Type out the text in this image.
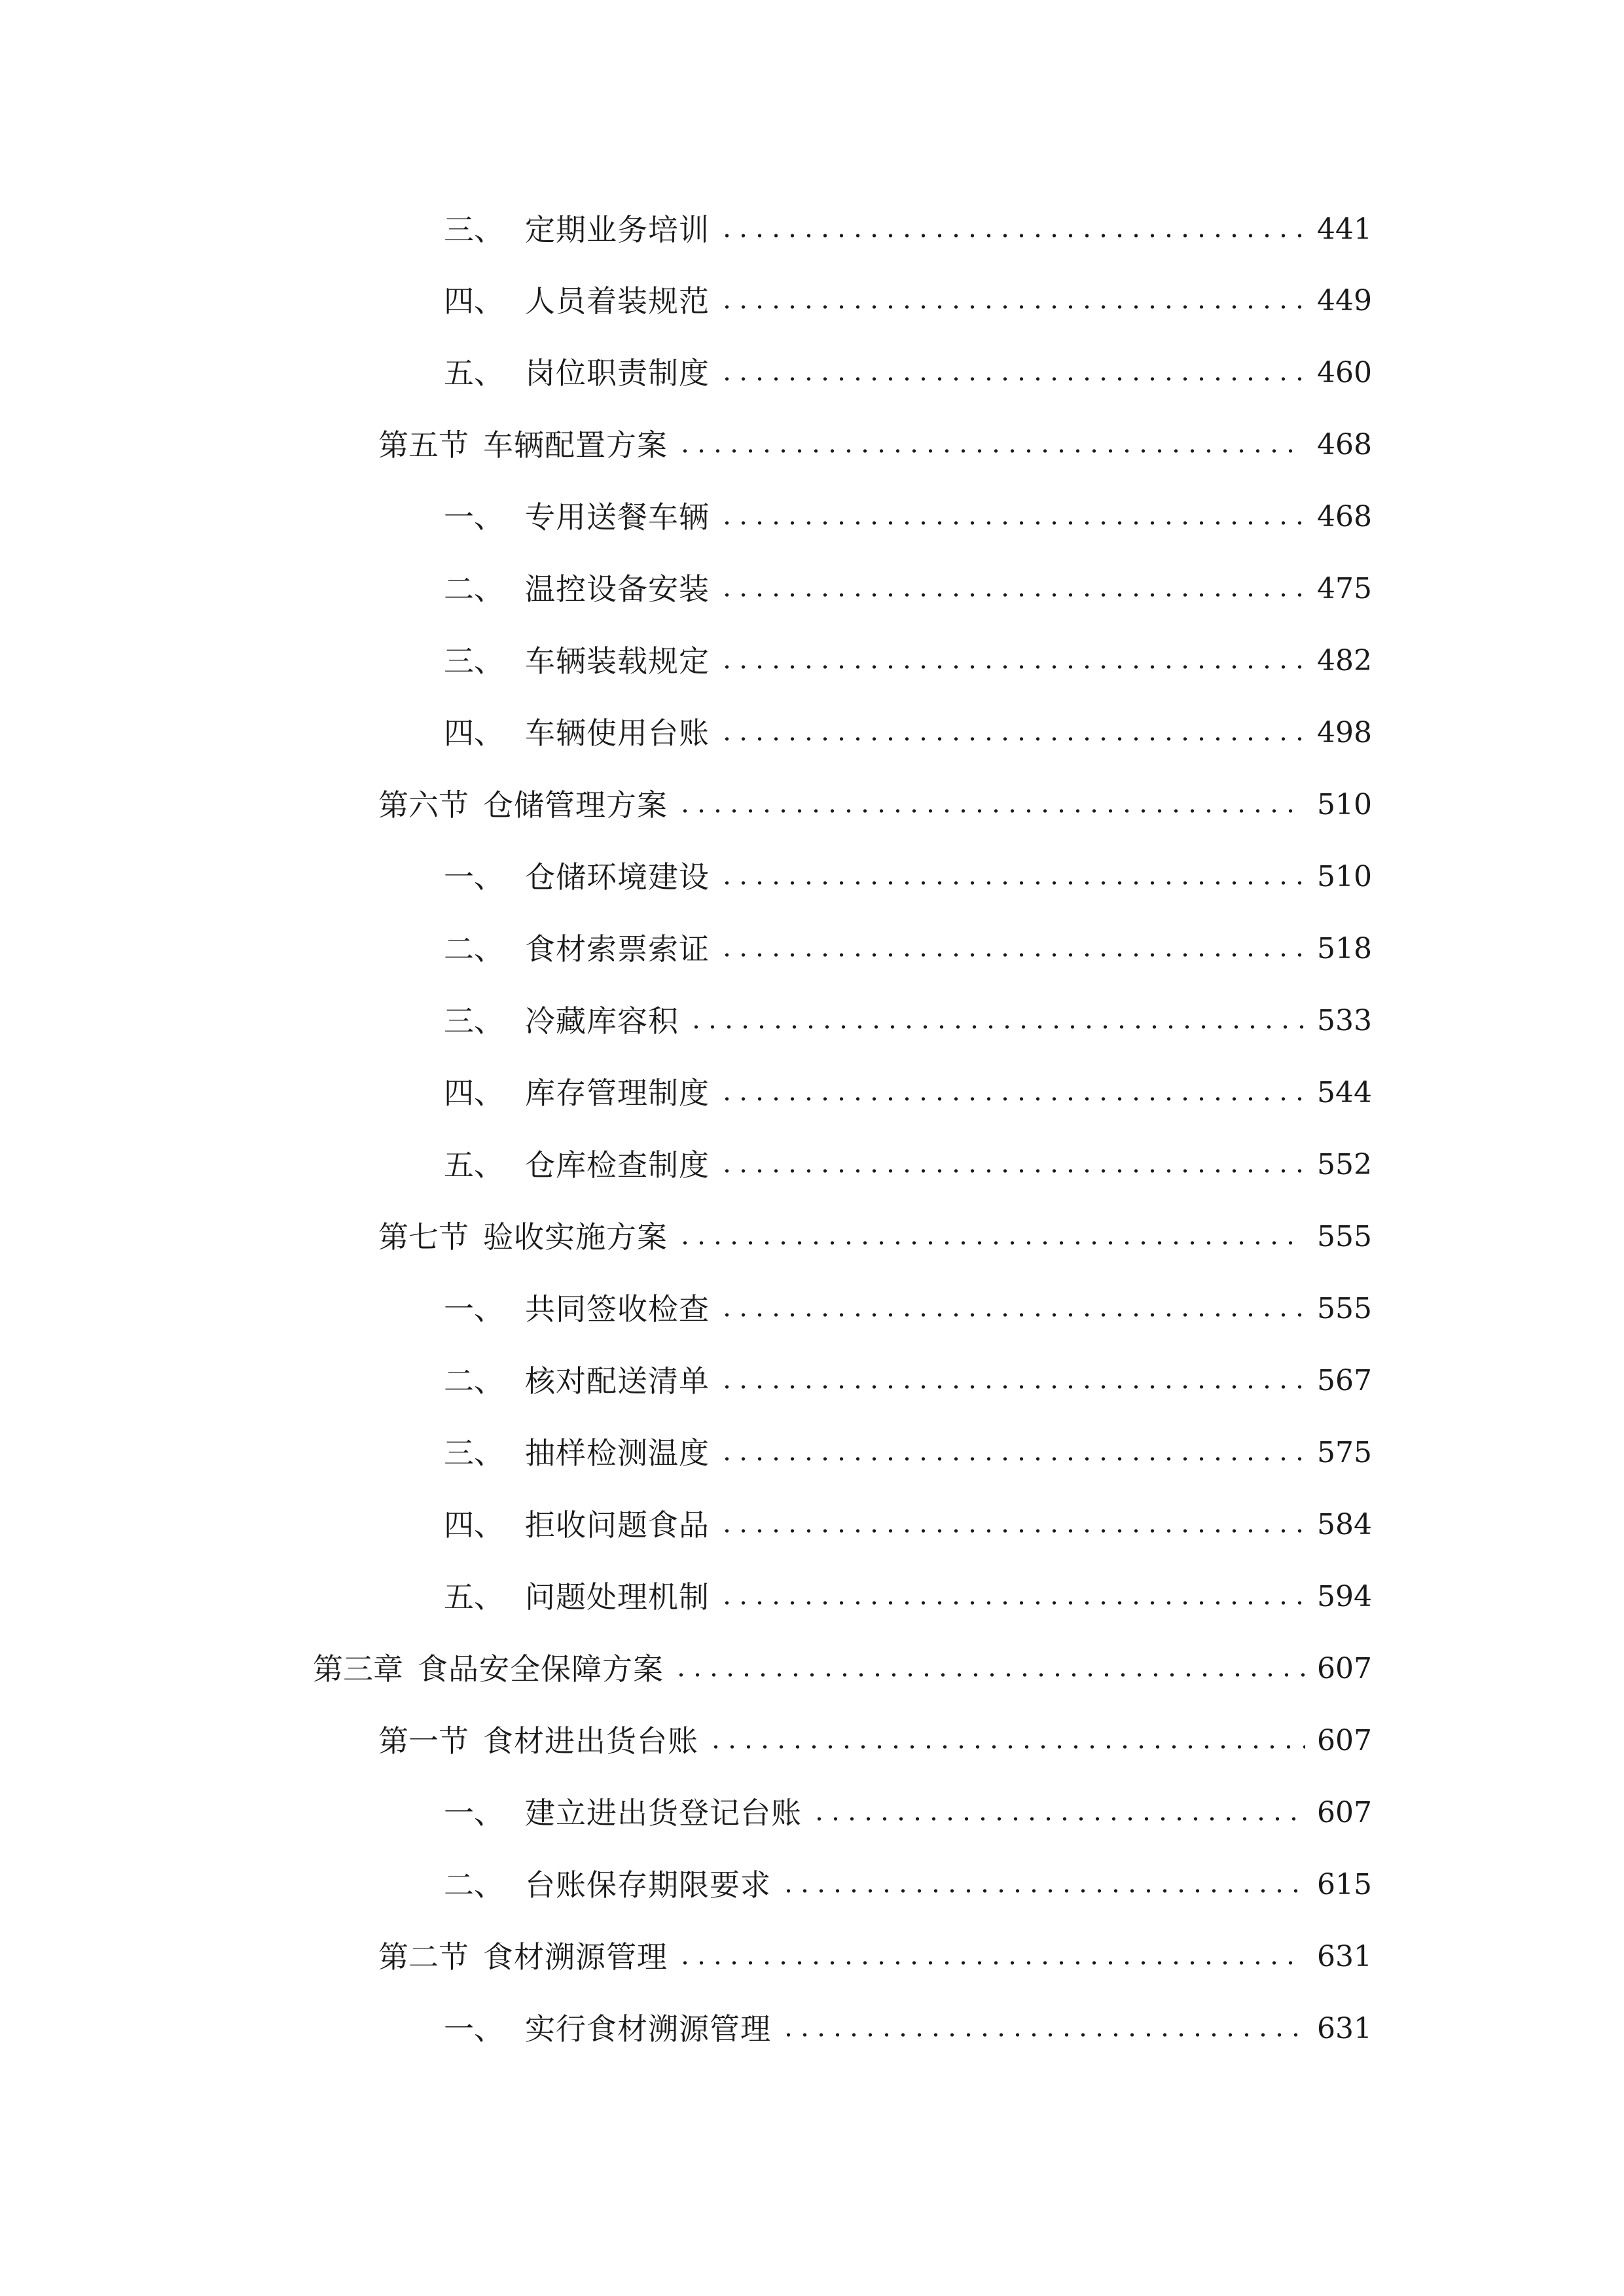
三、 定期业务培训	441
四、 人员着装规范	449
五、 岗位职责制度	460
第五节 车辆配置方案	468
一、 专用送餐车辆	468
二、 温控设备安装	475
三、 车辆装载规定	482
四、 车辆使用台账	498
第六节 仓储管理方案	510
一、 仓储环境建设	510
二、 食材索票索证	518
三、 冷藏库容积	533
四、 库存管理制度	544
五、 仓库检查制度	552
第七节 验收实施方案	555
一、 共同签收检查	555
二、 核对配送清单	567
三、 抽样检测温度	575
四、 拒收问题食品	584
五、 问题处理机制	594
第三章 食品安全保障方案	607
第一节 食材进出货台账	607
一、 建立进出货登记台账	607
二、 台账保存期限要求	615
第二节 食材溯源管理	631
一、 实行食材溯源管理	631
